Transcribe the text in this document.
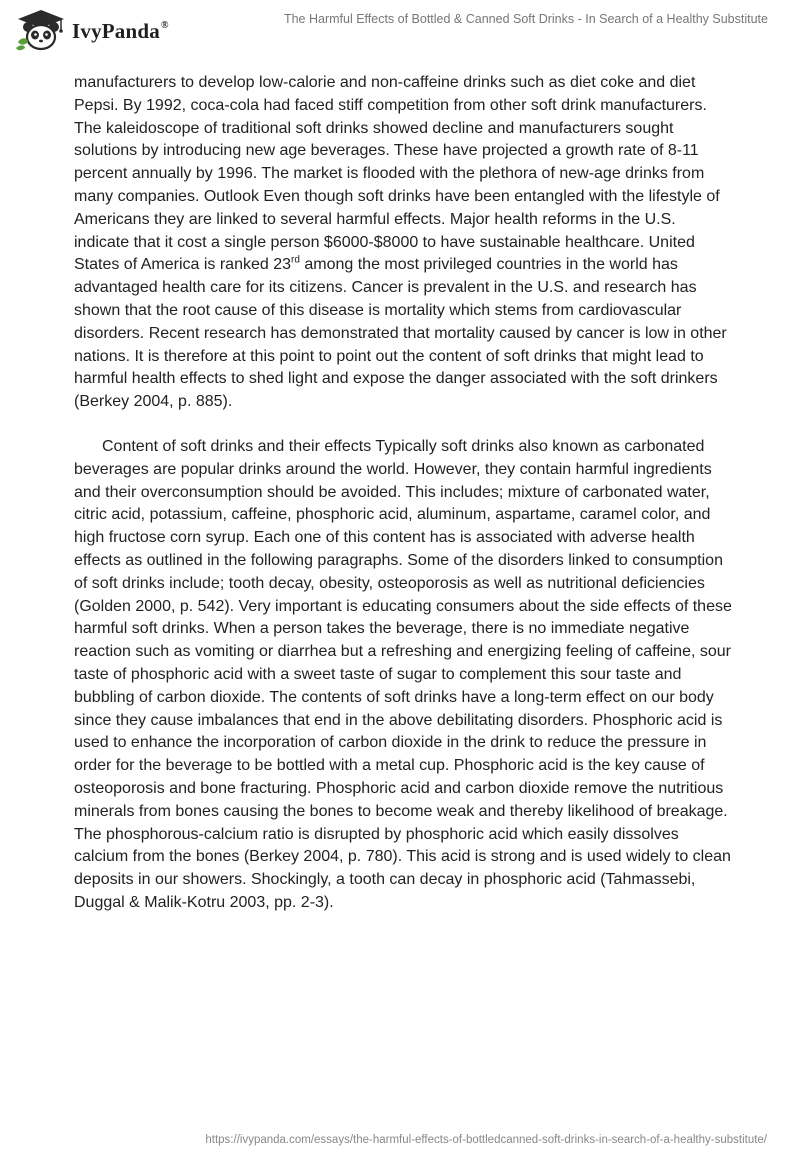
IvyPanda®	The Harmful Effects of Bottled & Canned Soft Drinks - In Search of a Healthy Substitute

manufacturers to develop low-calorie and non-caffeine drinks such as diet coke and diet Pepsi. By 1992, coca-cola had faced stiff competition from other soft drink manufacturers. The kaleidoscope of traditional soft drinks showed decline and manufacturers sought solutions by introducing new age beverages. These have projected a growth rate of 8-11 percent annually by 1996. The market is flooded with the plethora of new-age drinks from many companies. Outlook Even though soft drinks have been entangled with the lifestyle of Americans they are linked to several harmful effects. Major health reforms in the U.S. indicate that it cost a single person $6000-$8000 to have sustainable healthcare. United States of America is ranked 23rd among the most privileged countries in the world has advantaged health care for its citizens. Cancer is prevalent in the U.S. and research has shown that the root cause of this disease is mortality which stems from cardiovascular disorders. Recent research has demonstrated that mortality caused by cancer is low in other nations. It is therefore at this point to point out the content of soft drinks that might lead to harmful health effects to shed light and expose the danger associated with the soft drinkers (Berkey 2004, p. 885).

Content of soft drinks and their effects Typically soft drinks also known as carbonated beverages are popular drinks around the world. However, they contain harmful ingredients and their overconsumption should be avoided. This includes; mixture of carbonated water, citric acid, potassium, caffeine, phosphoric acid, aluminum, aspartame, caramel color, and high fructose corn syrup. Each one of this content has is associated with adverse health effects as outlined in the following paragraphs. Some of the disorders linked to consumption of soft drinks include; tooth decay, obesity, osteoporosis as well as nutritional deficiencies (Golden 2000, p. 542). Very important is educating consumers about the side effects of these harmful soft drinks. When a person takes the beverage, there is no immediate negative reaction such as vomiting or diarrhea but a refreshing and energizing feeling of caffeine, sour taste of phosphoric acid with a sweet taste of sugar to complement this sour taste and bubbling of carbon dioxide. The contents of soft drinks have a long-term effect on our body since they cause imbalances that end in the above debilitating disorders. Phosphoric acid is used to enhance the incorporation of carbon dioxide in the drink to reduce the pressure in order for the beverage to be bottled with a metal cup. Phosphoric acid is the key cause of osteoporosis and bone fracturing. Phosphoric acid and carbon dioxide remove the nutritious minerals from bones causing the bones to become weak and thereby likelihood of breakage. The phosphorous-calcium ratio is disrupted by phosphoric acid which easily dissolves calcium from the bones (Berkey 2004, p. 780). This acid is strong and is used widely to clean deposits in our showers. Shockingly, a tooth can decay in phosphoric acid (Tahmassebi, Duggal & Malik-Kotru 2003, pp. 2-3).

https://ivypanda.com/essays/the-harmful-effects-of-bottledcanned-soft-drinks-in-search-of-a-healthy-substitute/
